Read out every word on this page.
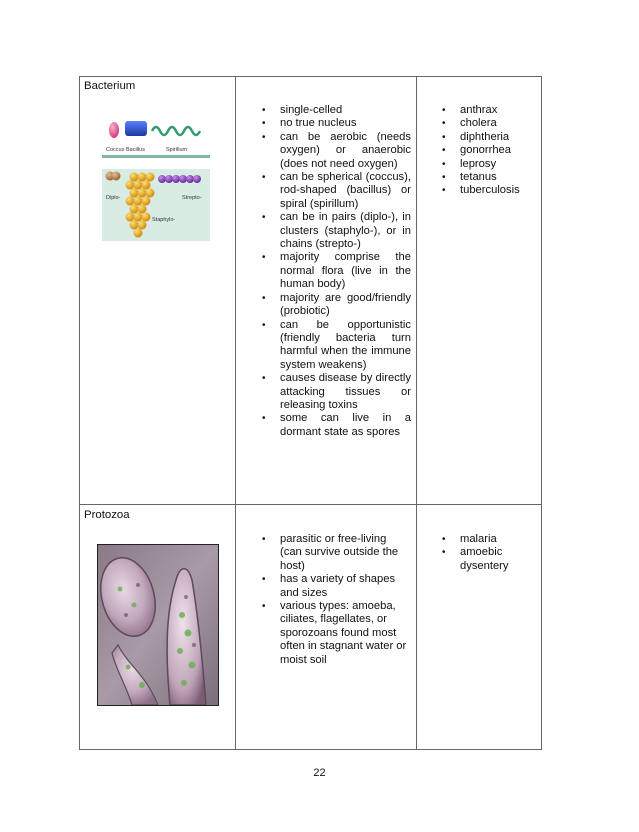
Bacterium
Coccus Bacillus	Spirillum
Diplo-
Staphylo-
Strepto-
• single-celled
• no true nucleus
• can be aerobic (needs oxygen) or anaerobic (does not need oxygen)
• can be spherical (coccus), rod-shaped (bacillus) or spiral (spirillum)
• can be in pairs (diplo-), in clusters (staphylo-), or in chains (strepto-)
• majority comprise the normal flora (live in the human body)
• majority are good/friendly (probiotic)
• can be opportunistic (friendly bacteria turn harmful when the immune system weakens)
• causes disease by directly attacking tissues or releasing toxins
• some can live in a dormant state as spores
• anthrax
• cholera
• diphtheria
• gonorrhea
• leprosy
• tetanus
• tuberculosis
Protozoa
• parasitic or free-living (can survive outside the host)
• has a variety of shapes and sizes
• various types: amoeba, ciliates, flagellates, or sporozoans found most often in stagnant water or moist soil
• malaria
• amoebic dysentery
22
